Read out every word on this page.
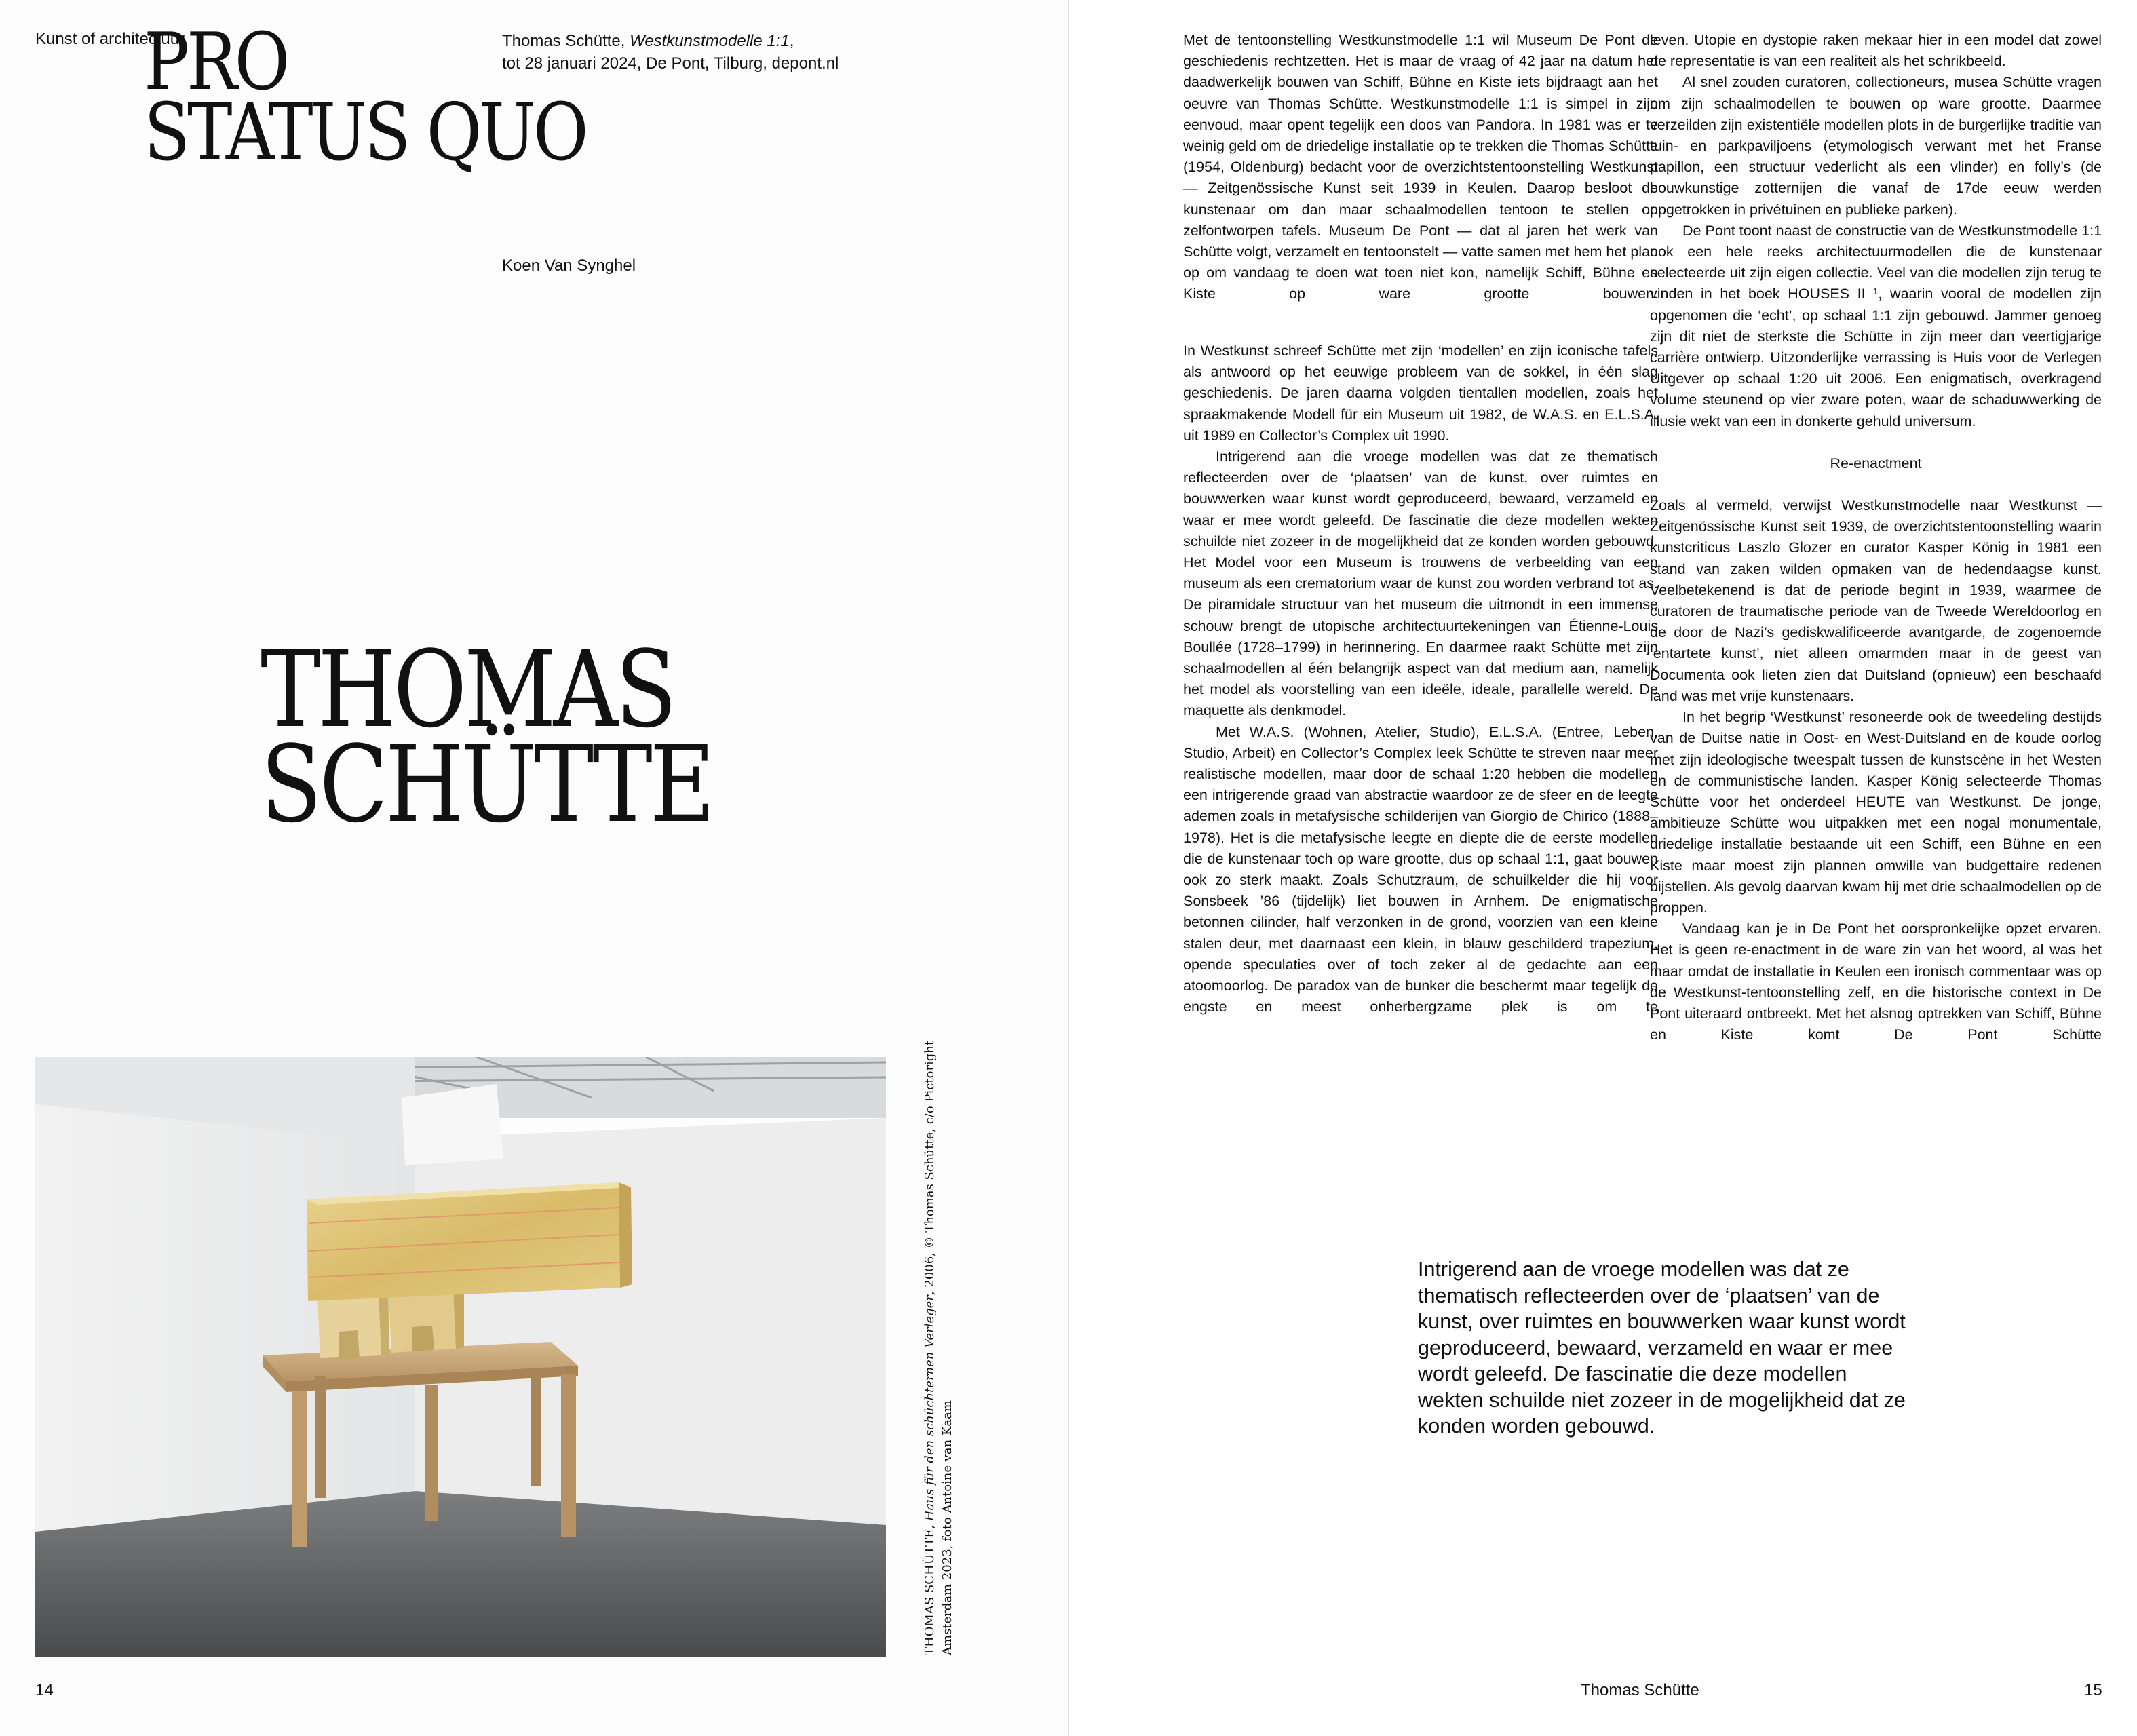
Kunst of architectuur
PRO
STATUS QUO
Thomas Schütte, Westkunstmodelle 1:1,
tot 28 januari 2024, De Pont, Tilburg, depont.nl
Koen Van Synghel
THOMAS
SCHÜTTE
THOMAS SCHÜTTE, Haus für den schüchternen Verleger, 2006, © Thomas Schütte, c/o Pictoright
Amsterdam 2023, foto Antoine van Kaam
14

Met de tentoonstelling Westkunstmodelle 1:1 wil Museum De Pont de geschiedenis rechtzetten. Het is maar de vraag of 42 jaar na datum het daadwerkelijk bouwen van Schiff, Bühne en Kiste iets bijdraagt aan het oeuvre van Thomas Schütte. Westkunstmodelle 1:1 is simpel in zijn eenvoud, maar opent tegelijk een doos van Pandora. In 1981 was er te weinig geld om de driedelige installatie op te trekken die Thomas Schütte (1954, Oldenburg) bedacht voor de overzichtstentoonstelling Westkunst — Zeitgenössische Kunst seit 1939 in Keulen. Daarop besloot de kunstenaar om dan maar schaalmodellen tentoon te stellen op zelfontworpen tafels. Museum De Pont — dat al jaren het werk van Schütte volgt, verzamelt en tentoonstelt — vatte samen met hem het plan op om vandaag te doen wat toen niet kon, namelijk Schiff, Bühne en Kiste op ware grootte bouwen.

In Westkunst schreef Schütte met zijn ‘modellen’ en zijn iconische tafels als antwoord op het eeuwige probleem van de sokkel, in één slag geschiedenis. De jaren daarna volgden tientallen modellen, zoals het spraakmakende Modell für ein Museum uit 1982, de W.A.S. en E.L.S.A. uit 1989 en Collector’s Complex uit 1990.

Intrigerend aan die vroege modellen was dat ze thematisch reflecteerden over de ‘plaatsen’ van de kunst, over ruimtes en bouwwerken waar kunst wordt geproduceerd, bewaard, verzameld en waar er mee wordt geleefd. De fascinatie die deze modellen wekten schuilde niet zozeer in de mogelijkheid dat ze konden worden gebouwd. Het Model voor een Museum is trouwens de verbeelding van een museum als een crematorium waar de kunst zou worden verbrand tot as. De piramidale structuur van het museum die uitmondt in een immense schouw brengt de utopische architectuurtekeningen van Étienne-Louis Boullée (1728–1799) in herinnering. En daarmee raakt Schütte met zijn schaalmodellen al één belangrijk aspect van dat medium aan, namelijk het model als voorstelling van een ideële, ideale, parallelle wereld. De maquette als denkmodel.

Met W.A.S. (Wohnen, Atelier, Studio), E.L.S.A. (Entree, Leben, Studio, Arbeit) en Collector’s Complex leek Schütte te streven naar meer realistische modellen, maar door de schaal 1:20 hebben die modellen een intrigerende graad van abstractie waardoor ze de sfeer en de leegte ademen zoals in metafysische schilderijen van Giorgio de Chirico (1888–1978). Het is die metafysische leegte en diepte die de eerste modellen die de kunstenaar toch op ware grootte, dus op schaal 1:1, gaat bouwen ook zo sterk maakt. Zoals Schutzraum, de schuilkelder die hij voor Sonsbeek ’86 (tijdelijk) liet bouwen in Arnhem. De enigmatische betonnen cilinder, half verzonken in de grond, voorzien van een kleine stalen deur, met daarnaast een klein, in blauw geschilderd trapezium, opende speculaties over of toch zeker al de gedachte aan een atoomoorlog. De paradox van de bunker die beschermt maar tegelijk de engste en meest onherbergzame plek is om te

leven. Utopie en dystopie raken mekaar hier in een model dat zowel de representatie is van een realiteit als het schrikbeeld.

Al snel zouden curatoren, collectioneurs, musea Schütte vragen om zijn schaalmodellen te bouwen op ware grootte. Daarmee verzeilden zijn existentiële modellen plots in de burgerlijke traditie van tuin- en parkpaviljoens (etymologisch verwant met het Franse papillon, een structuur vederlicht als een vlinder) en folly’s (de bouwkunstige zotternijen die vanaf de 17de eeuw werden opgetrokken in privétuinen en publieke parken).

De Pont toont naast de constructie van de Westkunstmodelle 1:1 ook een hele reeks architectuurmodellen die de kunstenaar selecteerde uit zijn eigen collectie. Veel van die modellen zijn terug te vinden in het boek HOUSES II ¹, waarin vooral de modellen zijn opgenomen die ‘echt’, op schaal 1:1 zijn gebouwd. Jammer genoeg zijn dit niet de sterkste die Schütte in zijn meer dan veertigjarige carrière ontwierp. Uitzonderlijke verrassing is Huis voor de Verlegen Uitgever op schaal 1:20 uit 2006. Een enigmatisch, overkragend volume steunend op vier zware poten, waar de schaduwwerking de illusie wekt van een in donkerte gehuld universum.

Re-enactment

Zoals al vermeld, verwijst Westkunstmodelle naar Westkunst — Zeitgenössische Kunst seit 1939, de overzichtstentoonstelling waarin kunstcriticus Laszlo Glozer en curator Kasper König in 1981 een stand van zaken wilden opmaken van de hedendaagse kunst. Veelbetekenend is dat de periode begint in 1939, waarmee de curatoren de traumatische periode van de Tweede Wereldoorlog en de door de Nazi’s gediskwalificeerde avantgarde, de zogenoemde ‘entartete kunst’, niet alleen omarmden maar in de geest van Documenta ook lieten zien dat Duitsland (opnieuw) een beschaafd land was met vrije kunstenaars.

In het begrip ‘Westkunst’ resoneerde ook de tweedeling destijds van de Duitse natie in Oost- en West-Duitsland en de koude oorlog met zijn ideologische tweespalt tussen de kunstscène in het Westen en de communistische landen. Kasper König selecteerde Thomas Schütte voor het onderdeel HEUTE van Westkunst. De jonge, ambitieuze Schütte wou uitpakken met een nogal monumentale, driedelige installatie bestaande uit een Schiff, een Bühne en een Kiste maar moest zijn plannen omwille van budgettaire redenen bijstellen. Als gevolg daarvan kwam hij met drie schaalmodellen op de proppen.

Vandaag kan je in De Pont het oorspronkelijke opzet ervaren. Het is geen re-enactment in de ware zin van het woord, al was het maar omdat de installatie in Keulen een ironisch commentaar was op de Westkunst-tentoonstelling zelf, en die historische context in De Pont uiteraard ontbreekt. Met het alsnog optrekken van Schiff, Bühne en Kiste komt De Pont Schütte

Intrigerend aan de vroege modellen was dat ze thematisch reflecteerden over de ‘plaatsen’ van de kunst, over ruimtes en bouwwerken waar kunst wordt geproduceerd, bewaard, verzameld en waar er mee wordt geleefd. De fascinatie die deze modellen wekten schuilde niet zozeer in de mogelijkheid dat ze konden worden gebouwd.
Thomas Schütte	15
